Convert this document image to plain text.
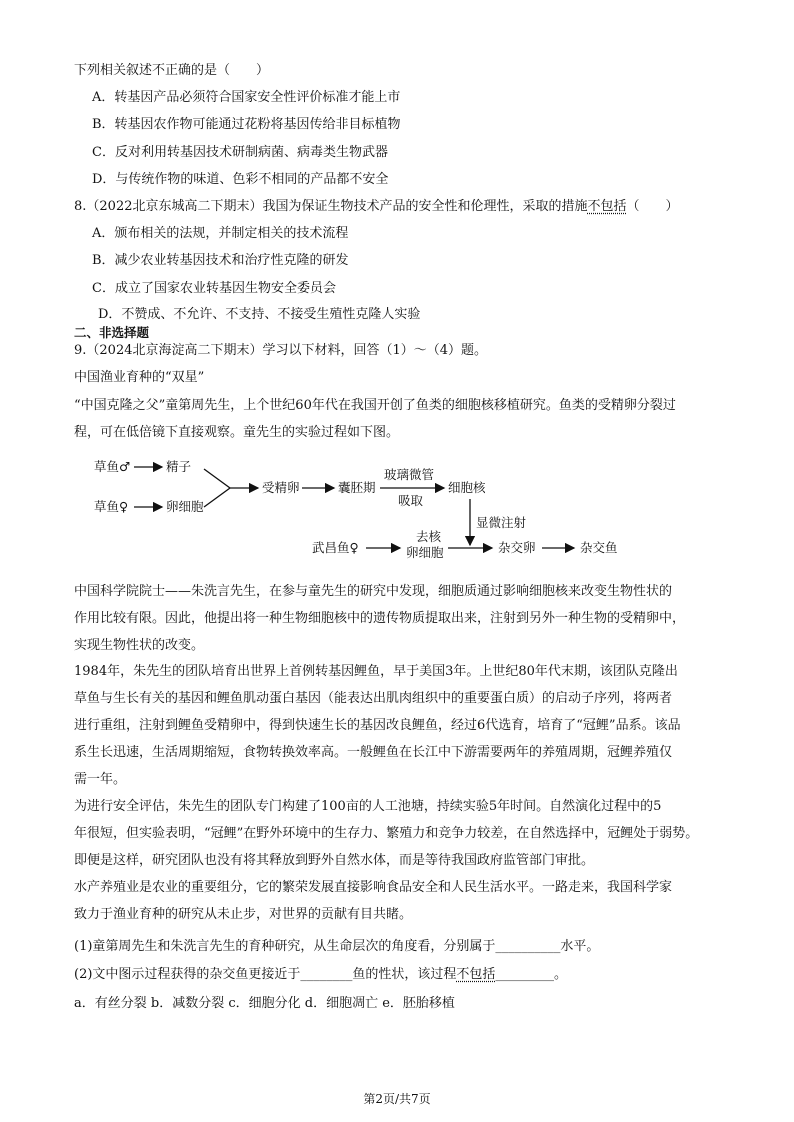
下列相关叙述不正确的是（　　）
A．转基因产品必须符合国家安全性评价标准才能上市
B．转基因农作物可能通过花粉将基因传给非目标植物
C．反对利用转基因技术研制病菌、病毒类生物武器
D．与传统作物的味道、色彩不相同的产品都不安全
8.（2022北京东城高二下期末）我国为保证生物技术产品的安全性和伦理性，采取的措施不包括（　　）
A．颁布相关的法规，并制定相关的技术流程
B．减少农业转基因技术和治疗性克隆的研发
C．成立了国家农业转基因生物安全委员会
D．不赞成、不允许、不支持、不接受生殖性克隆人实验
二、非选择题
9.（2024北京海淀高二下期末）学习以下材料，回答（1）～（4）题。
中国渔业育种的“双星”
“中国克隆之父”童第周先生，上个世纪60年代在我国开创了鱼类的细胞核移植研究。鱼类的受精卵分裂过
程，可在低倍镜下直接观察。童先生的实验过程如下图。
草鱼♂	精子
草鱼♀	卵细胞
受精卵	囊胚期
玻璃微管
吸取
细胞核
显微注射
武昌鱼♀
去核
卵细胞	杂交卵	杂交鱼
中国科学院院士——朱洗言先生，在参与童先生的研究中发现，细胞质通过影响细胞核来改变生物性状的
作用比较有限。因此，他提出将一种生物细胞核中的遗传物质提取出来，注射到另外一种生物的受精卵中，
实现生物性状的改变。
1984年，朱先生的团队培育出世界上首例转基因鲤鱼，早于美国3年。上世纪80年代末期，该团队克隆出
草鱼与生长有关的基因和鲤鱼肌动蛋白基因（能表达出肌肉组织中的重要蛋白质）的启动子序列，将两者
进行重组，注射到鲤鱼受精卵中，得到快速生长的基因改良鲤鱼，经过6代选育，培育了“冠鲤”品系。该品
系生长迅速，生活周期缩短，食物转换效率高。一般鲤鱼在长江中下游需要两年的养殖周期，冠鲤养殖仅
需一年。
为进行安全评估，朱先生的团队专门构建了100亩的人工池塘，持续实验5年时间。自然演化过程中的5
年很短，但实验表明，“冠鲤”在野外环境中的生存力、繁殖力和竞争力较差，在自然选择中，冠鲤处于弱势。
即便是这样，研究团队也没有将其释放到野外自然水体，而是等待我国政府监管部门审批。
水产养殖业是农业的重要组分，它的繁荣发展直接影响食品安全和人民生活水平。一路走来，我国科学家
致力于渔业育种的研究从未止步，对世界的贡献有目共睹。
(1)童第周先生和朱洗言先生的育种研究，从生命层次的角度看，分别属于__________水平。
(2)文中图示过程获得的杂交鱼更接近于________鱼的性状，该过程不包括_________。
a．有丝分裂 b．减数分裂 c．细胞分化 d．细胞凋亡 e．胚胎移植
第2页/共7页
